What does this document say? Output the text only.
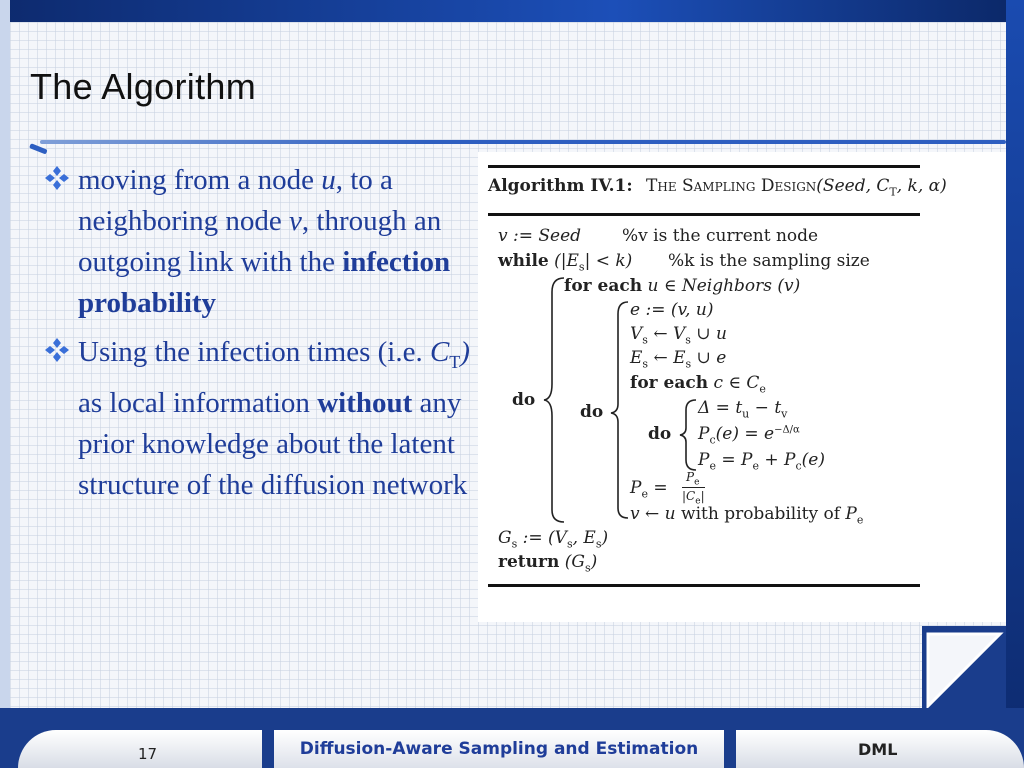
The Algorithm
moving from a node u, to a neighboring node v, through an outgoing link with the infection probability
Using the infection times (i.e. $C_T$) as local information without any prior knowledge about the latent structure of the diffusion network
Algorithm IV.1: The Sampling Design(Seed, $C_T$, k, α)
v := Seed %v is the current node
while $(|E_s| < k)$ %k is the sampling size
for each u ∈ Neighbors (v)
e := (v, u)
$V_s$ ← $V_s$ ∪ u
$E_s$ ← $E_s$ ∪ e
for each c ∈ $C_e$
$\Delta = t_u - t_v$
$P_c(e) = e^{-\Delta/\alpha}$
$P_e = P_e + P_c(e)$
$P_e$ =
$P_e$
$|C_e|$
v ← u with probability of $P_e$
$G_s$ := ($V_s$, $E_s$)
return $(G_s)$
do
do
do
17	Diffusion-Aware Sampling and Estimation	DML
